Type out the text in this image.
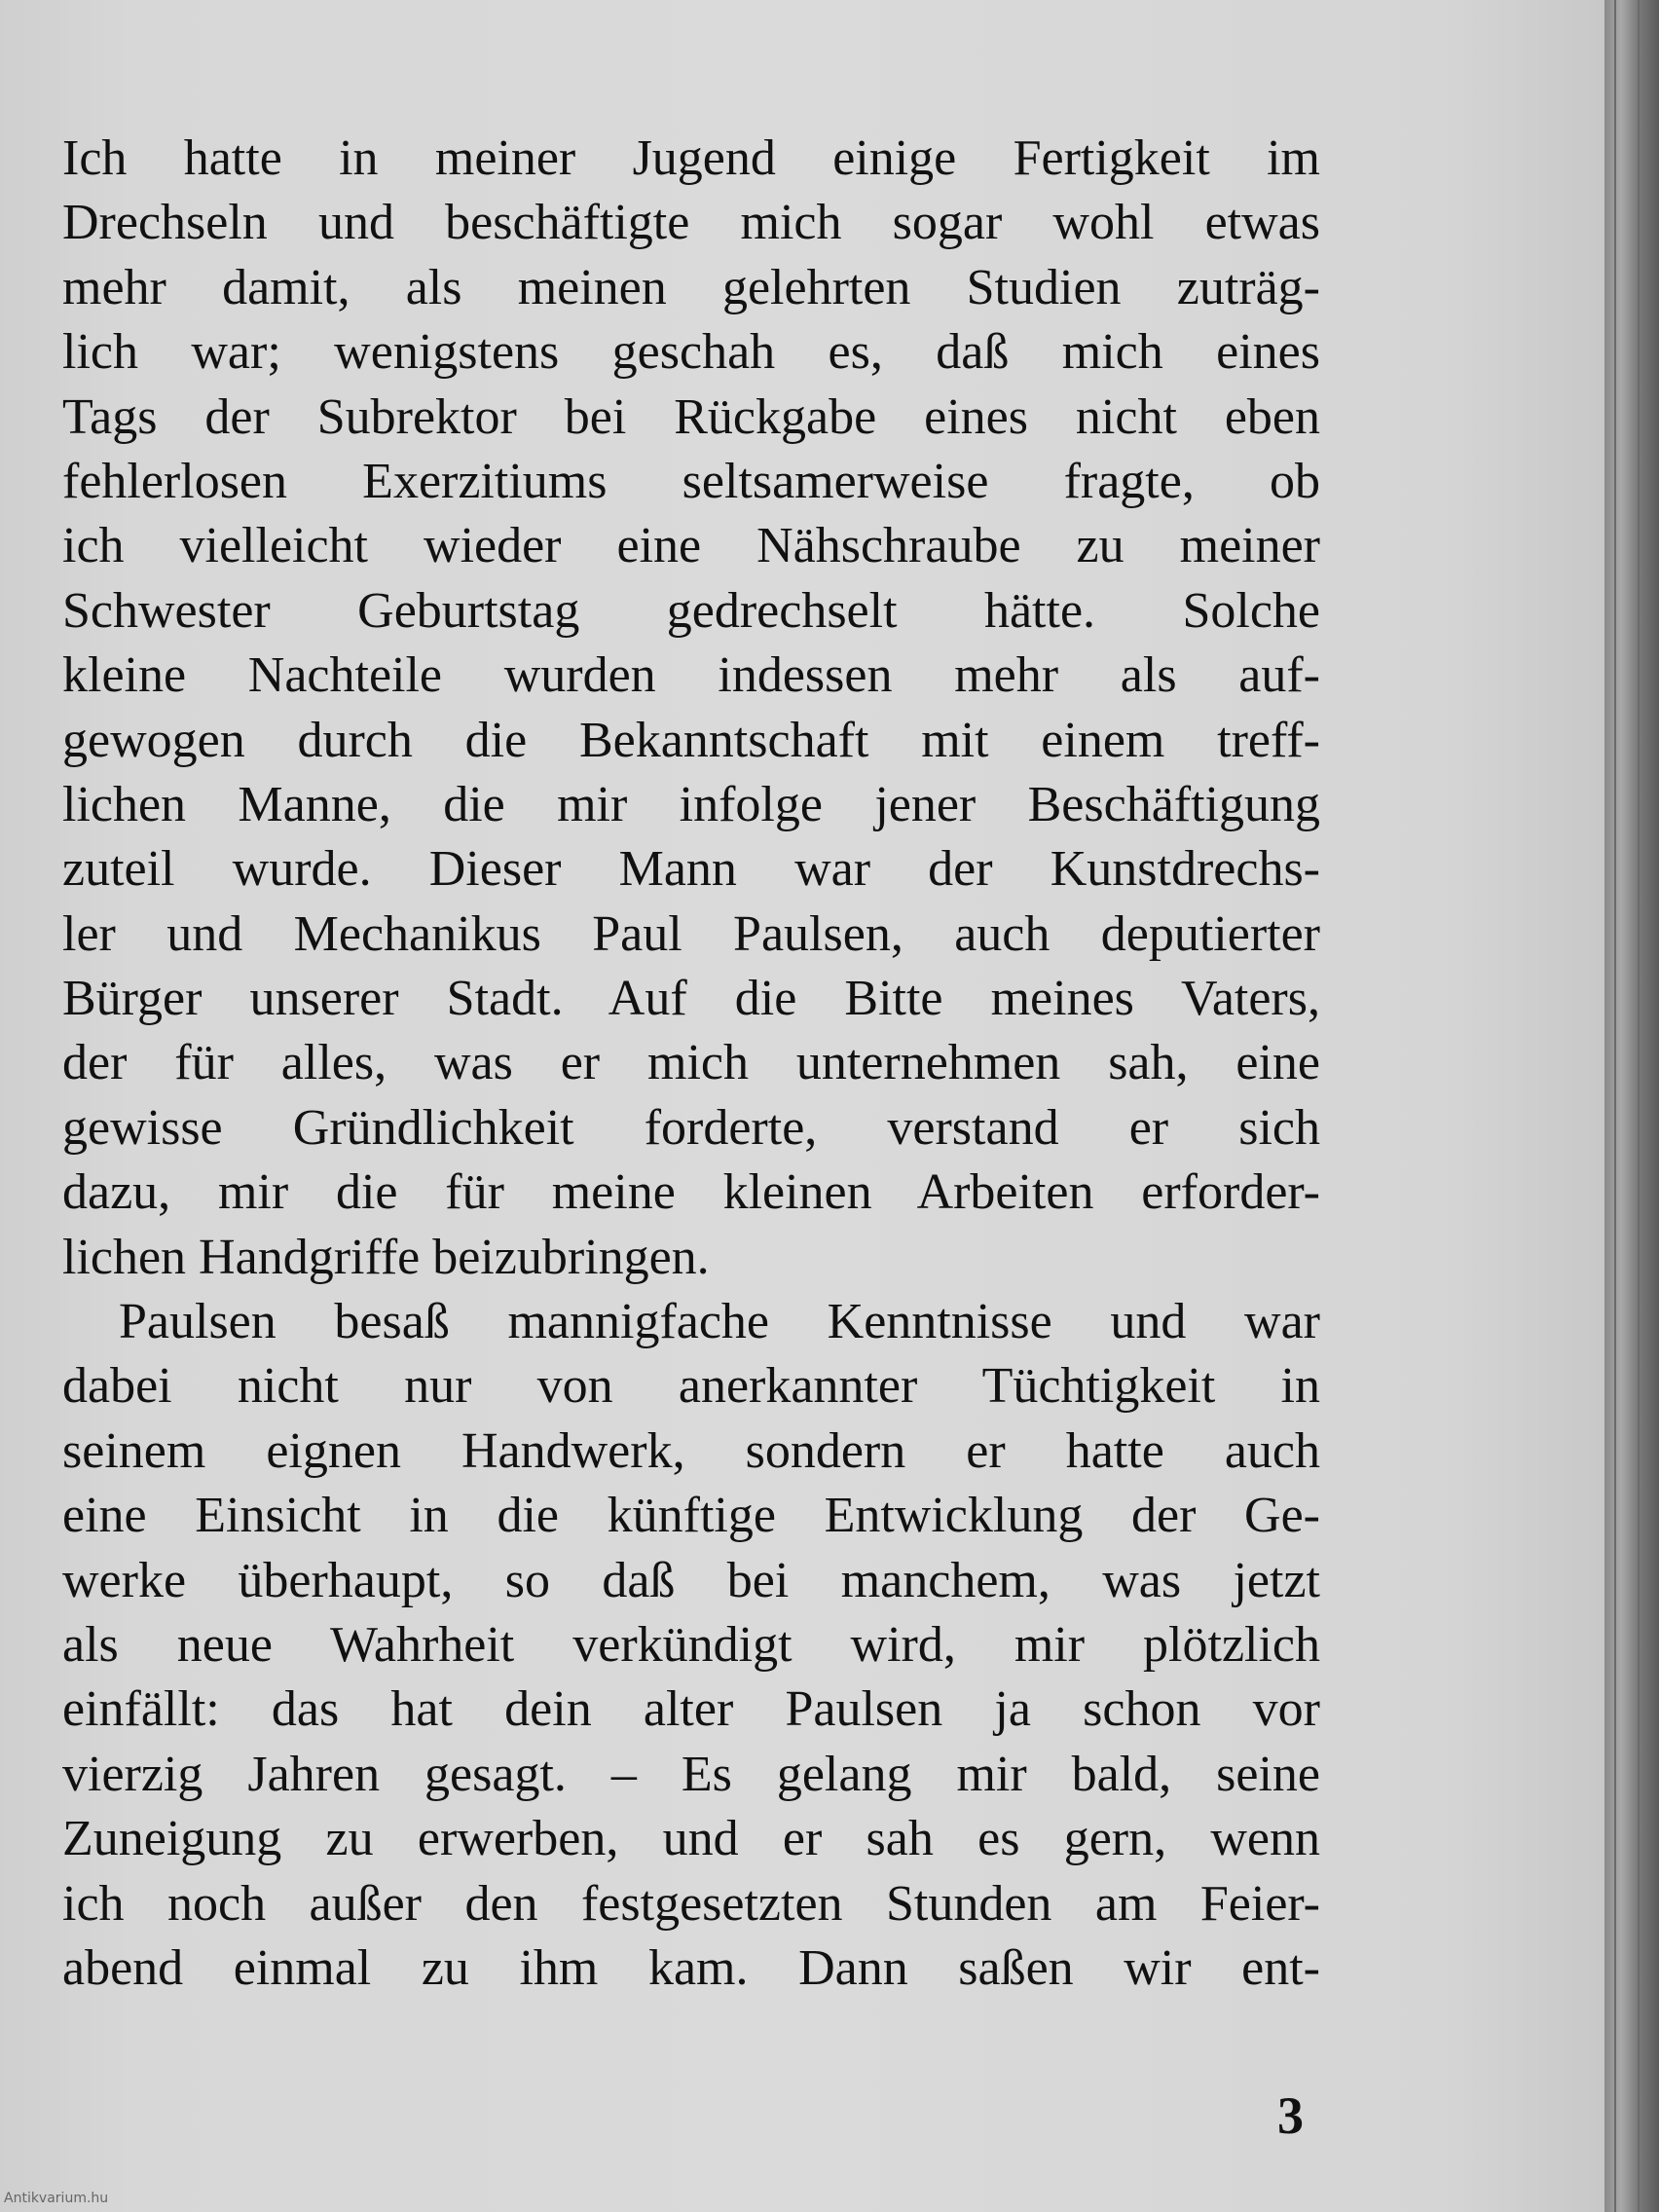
Ich hatte in meiner Jugend einige Fertigkeit im
Drechseln und beschäftigte mich sogar wohl etwas
mehr damit, als meinen gelehrten Studien zuträg-
lich war; wenigstens geschah es, daß mich eines
Tags der Subrektor bei Rückgabe eines nicht eben
fehlerlosen Exerzitiums seltsamerweise fragte, ob
ich vielleicht wieder eine Nähschraube zu meiner
Schwester Geburtstag gedrechselt hätte. Solche
kleine Nachteile wurden indessen mehr als auf-
gewogen durch die Bekanntschaft mit einem treff-
lichen Manne, die mir infolge jener Beschäftigung
zuteil wurde. Dieser Mann war der Kunstdrechs-
ler und Mechanikus Paul Paulsen, auch deputierter
Bürger unserer Stadt. Auf die Bitte meines Vaters,
der für alles, was er mich unternehmen sah, eine
gewisse Gründlichkeit forderte, verstand er sich
dazu, mir die für meine kleinen Arbeiten erforder-
lichen Handgriffe beizubringen.
Paulsen besaß mannigfache Kenntnisse und war
dabei nicht nur von anerkannter Tüchtigkeit in
seinem eignen Handwerk, sondern er hatte auch
eine Einsicht in die künftige Entwicklung der Ge-
werke überhaupt, so daß bei manchem, was jetzt
als neue Wahrheit verkündigt wird, mir plötzlich
einfällt: das hat dein alter Paulsen ja schon vor
vierzig Jahren gesagt. – Es gelang mir bald, seine
Zuneigung zu erwerben, und er sah es gern, wenn
ich noch außer den festgesetzten Stunden am Feier-
abend einmal zu ihm kam. Dann saßen wir ent-
3
Antikvarium.hu
